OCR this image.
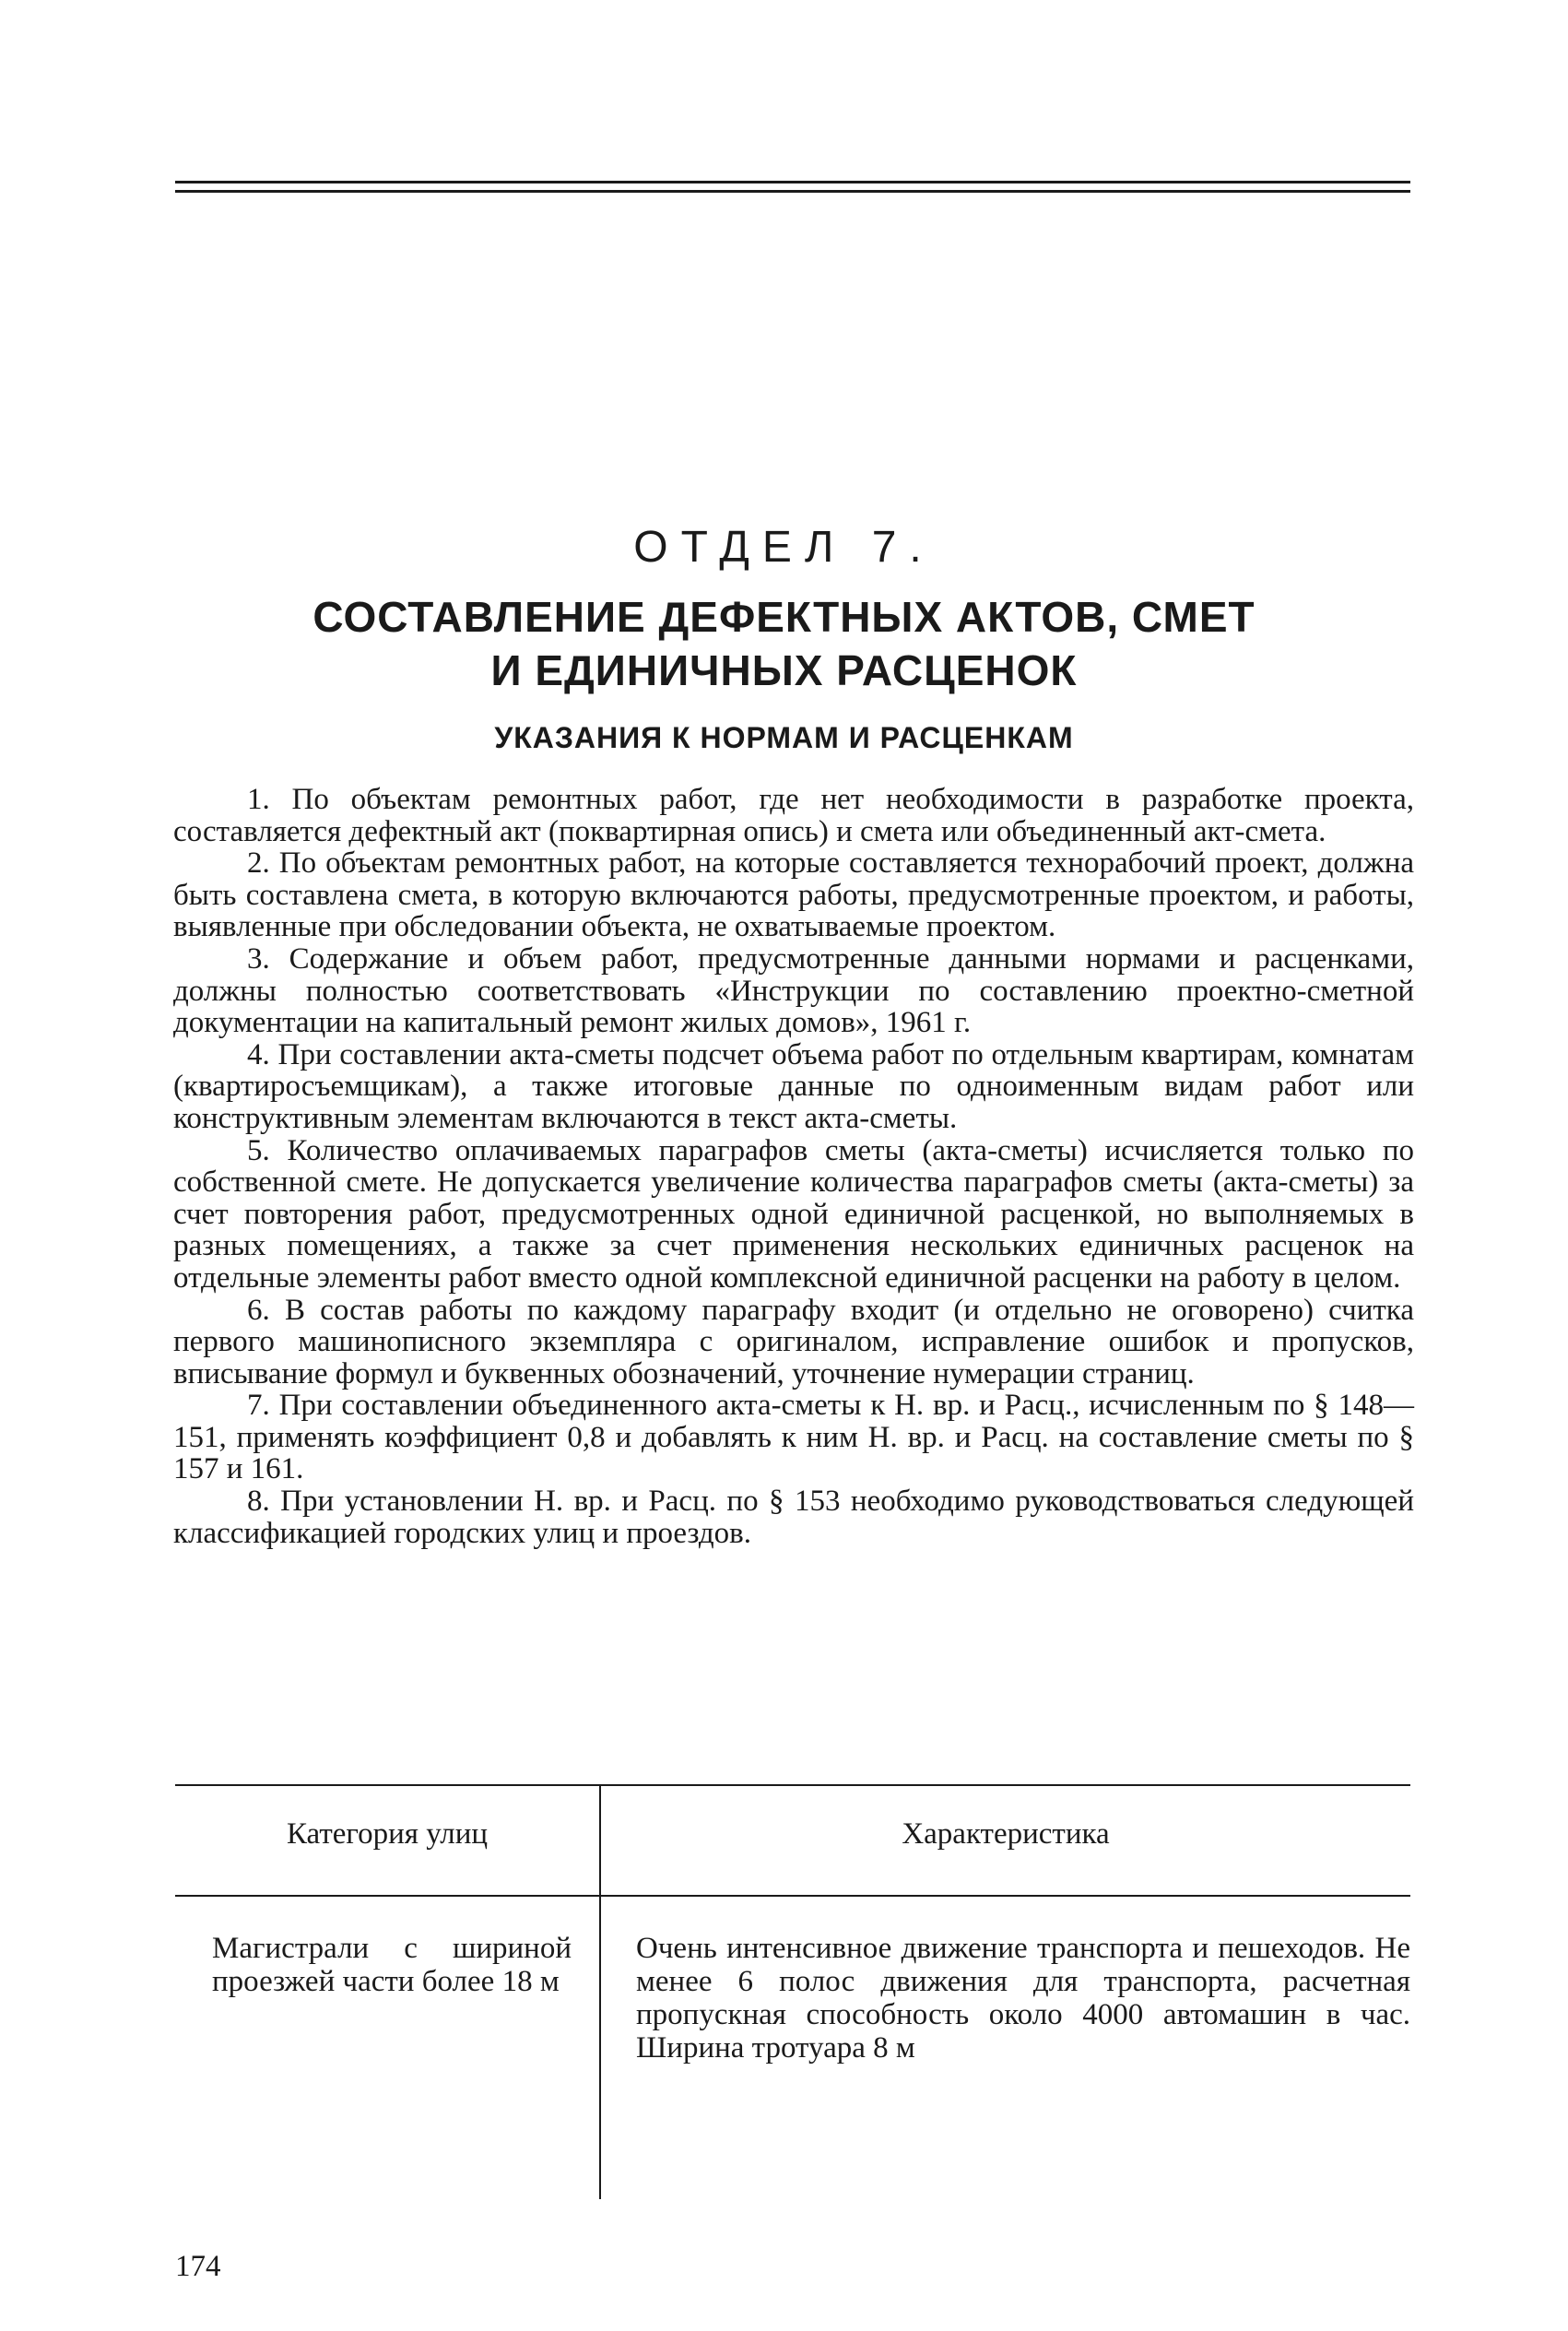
ОТДЕЛ 7.
СОСТАВЛЕНИЕ ДЕФЕКТНЫХ АКТОВ, СМЕТ
И ЕДИНИЧНЫХ РАСЦЕНОК
УКАЗАНИЯ К НОРМАМ И РАСЦЕНКАМ

1. По объектам ремонтных работ, где нет необходимости в разработке проекта, составляется дефектный акт (поквартирная опись) и смета или объединенный акт-смета.

2. По объектам ремонтных работ, на которые составляется технорабочий проект, должна быть составлена смета, в которую включаются работы, предусмотренные проектом, и работы, выявленные при обследовании объекта, не охватываемые проектом.

3. Содержание и объем работ, предусмотренные данными нормами и расценками, должны полностью соответствовать «Инструкции по составлению проектно-сметной документации на капитальный ремонт жилых домов», 1961 г.

4. При составлении акта-сметы подсчет объема работ по отдельным квартирам, комнатам (квартиросъемщикам), а также итоговые данные по одноименным видам работ или конструктивным элементам включаются в текст акта-сметы.

5. Количество оплачиваемых параграфов сметы (акта-сметы) исчисляется только по собственной смете. Не допускается увеличение количества параграфов сметы (акта-сметы) за счет повторения работ, предусмотренных одной единичной расценкой, но выполняемых в разных помещениях, а также за счет применения нескольких единичных расценок на отдельные элементы работ вместо одной комплексной единичной расценки на работу в целом.

6. В состав работы по каждому параграфу входит (и отдельно не оговорено) считка первого машинописного экземпляра с оригиналом, исправление ошибок и пропусков, вписывание формул и буквенных обозначений, уточнение нумерации страниц.

7. При составлении объединенного акта-сметы к Н. вр. и Расц., исчисленным по § 148—151, применять коэффициент 0,8 и добавлять к ним Н. вр. и Расц. на составление сметы по § 157 и 161.

8. При установлении Н. вр. и Расц. по § 153 необходимо руководствоваться следующей классификацией городских улиц и проездов.

Категория улиц	Характеристика
Магистрали с шириной проезжей части более 18 м
Очень интенсивное движение транспорта и пешеходов. Не менее 6 полос движения для транспорта, расчетная пропускная способность около 4000 автомашин в час. Ширина тротуара 8 м
174
